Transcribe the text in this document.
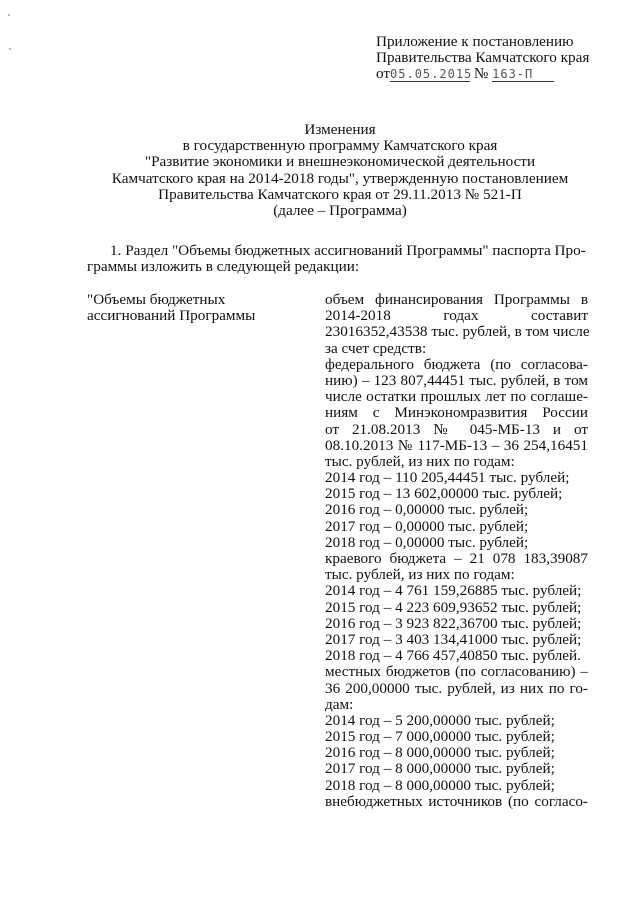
Приложение к постановлению
Правительства Камчатского края
от05.05.2015 № 163-П
Изменения
в государственную программу Камчатского края
"Развитие экономики и внешнеэкономической деятельности
Камчатского края на 2014-2018 годы", утвержденную постановлением
Правительства Камчатского края от 29.11.2013 № 521-П
(далее – Программа)
1. Раздел "Объемы бюджетных ассигнований Программы" паспорта Про-
граммы изложить в следующей редакции:
"Объемы бюджетных
ассигнований Программы
объем финансирования Программы в
2014-2018 годах составит
23016352,43538 тыс. рублей, в том числе
за счет средств:
федерального бюджета (по согласова-
нию) – 123 807,44451 тыс. рублей, в том
числе остатки прошлых лет по соглаше-
ниям с Минэкономразвития России
от 21.08.2013 № 045-МБ-13 и от
08.10.2013 № 117-МБ-13 – 36 254,16451
тыс. рублей, из них по годам:
2014 год – 110 205,44451 тыс. рублей;
2015 год – 13 602,00000 тыс. рублей;
2016 год – 0,00000 тыс. рублей;
2017 год – 0,00000 тыс. рублей;
2018 год – 0,00000 тыс. рублей;
краевого бюджета – 21 078 183,39087
тыс. рублей, из них по годам:
2014 год – 4 761 159,26885 тыс. рублей;
2015 год – 4 223 609,93652 тыс. рублей;
2016 год – 3 923 822,36700 тыс. рублей;
2017 год – 3 403 134,41000 тыс. рублей;
2018 год – 4 766 457,40850 тыс. рублей.
местных бюджетов (по согласованию) –
36 200,00000 тыс. рублей, из них по го-
дам:
2014 год – 5 200,00000 тыс. рублей;
2015 год – 7 000,00000 тыс. рублей;
2016 год – 8 000,00000 тыс. рублей;
2017 год – 8 000,00000 тыс. рублей;
2018 год – 8 000,00000 тыс. рублей;
внебюджетных источников (по согласо-
